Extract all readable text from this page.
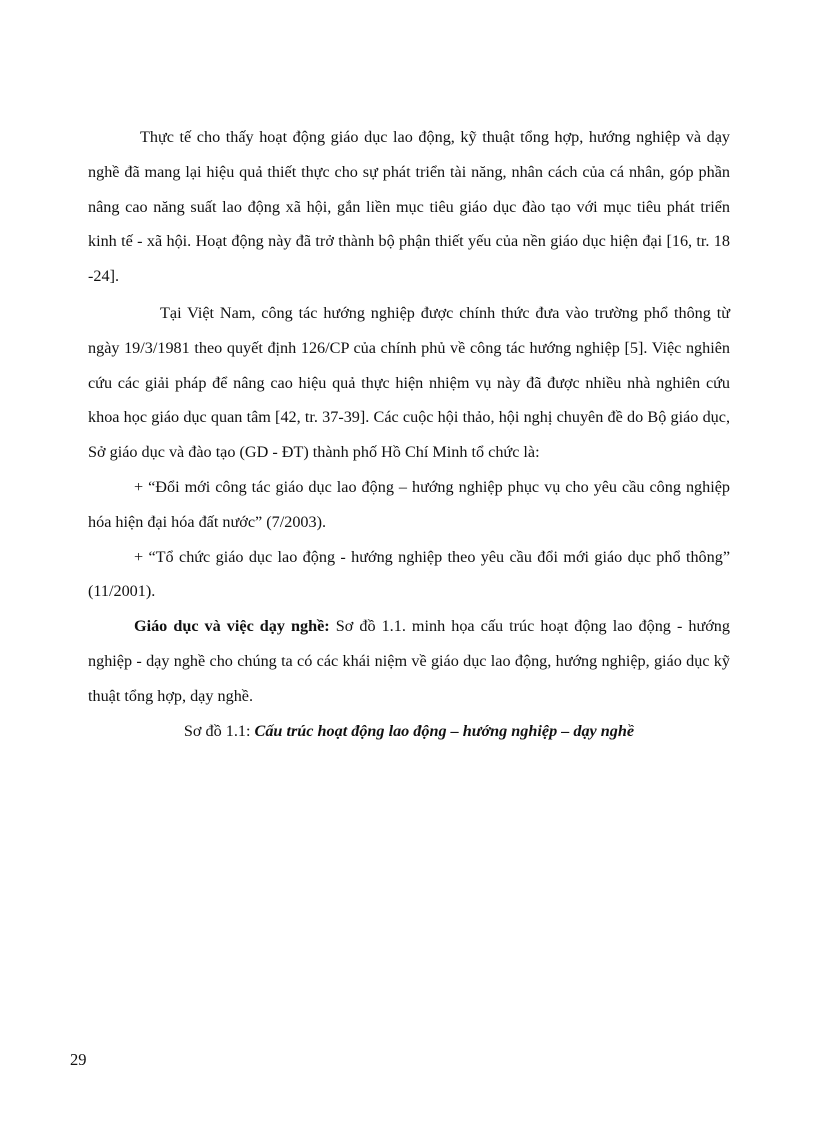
Thực tế cho thấy hoạt động giáo dục lao động, kỹ thuật tổng hợp, hướng nghiệp và dạy nghề đã mang lại hiệu quả thiết thực cho sự phát triển tài năng, nhân cách của cá nhân, góp phần nâng cao năng suất lao động xã hội, gắn liền mục tiêu giáo dục đào tạo với mục tiêu phát triển kinh tế - xã hội. Hoạt động này đã trở thành bộ phận thiết yếu của nền giáo dục hiện đại [16, tr. 18 -24].

Tại Việt Nam, công tác hướng nghiệp được chính thức đưa vào trường phổ thông từ ngày 19/3/1981 theo quyết định 126/CP của chính phủ về công tác hướng nghiệp [5]. Việc nghiên cứu các giải pháp để nâng cao hiệu quả thực hiện nhiệm vụ này đã được nhiều nhà nghiên cứu khoa học giáo dục quan tâm [42, tr. 37-39]. Các cuộc hội thảo, hội nghị chuyên đề do Bộ giáo dục, Sở giáo dục và đào tạo (GD - ĐT) thành phố Hồ Chí Minh tổ chức là:

+ “Đổi mới công tác giáo dục lao động – hướng nghiệp phục vụ cho yêu cầu công nghiệp hóa hiện đại hóa đất nước” (7/2003).

+ “Tổ chức giáo dục lao động - hướng nghiệp theo yêu cầu đổi mới giáo dục phổ thông” (11/2001).

Giáo dục và việc dạy nghề: Sơ đồ 1.1. minh họa cấu trúc hoạt động lao động - hướng nghiệp - dạy nghề cho chúng ta có các khái niệm về giáo dục lao động, hướng nghiệp, giáo dục kỹ thuật tổng hợp, dạy nghề.

Sơ đồ 1.1: Cấu trúc hoạt động lao động – hướng nghiệp – dạy nghề
29
